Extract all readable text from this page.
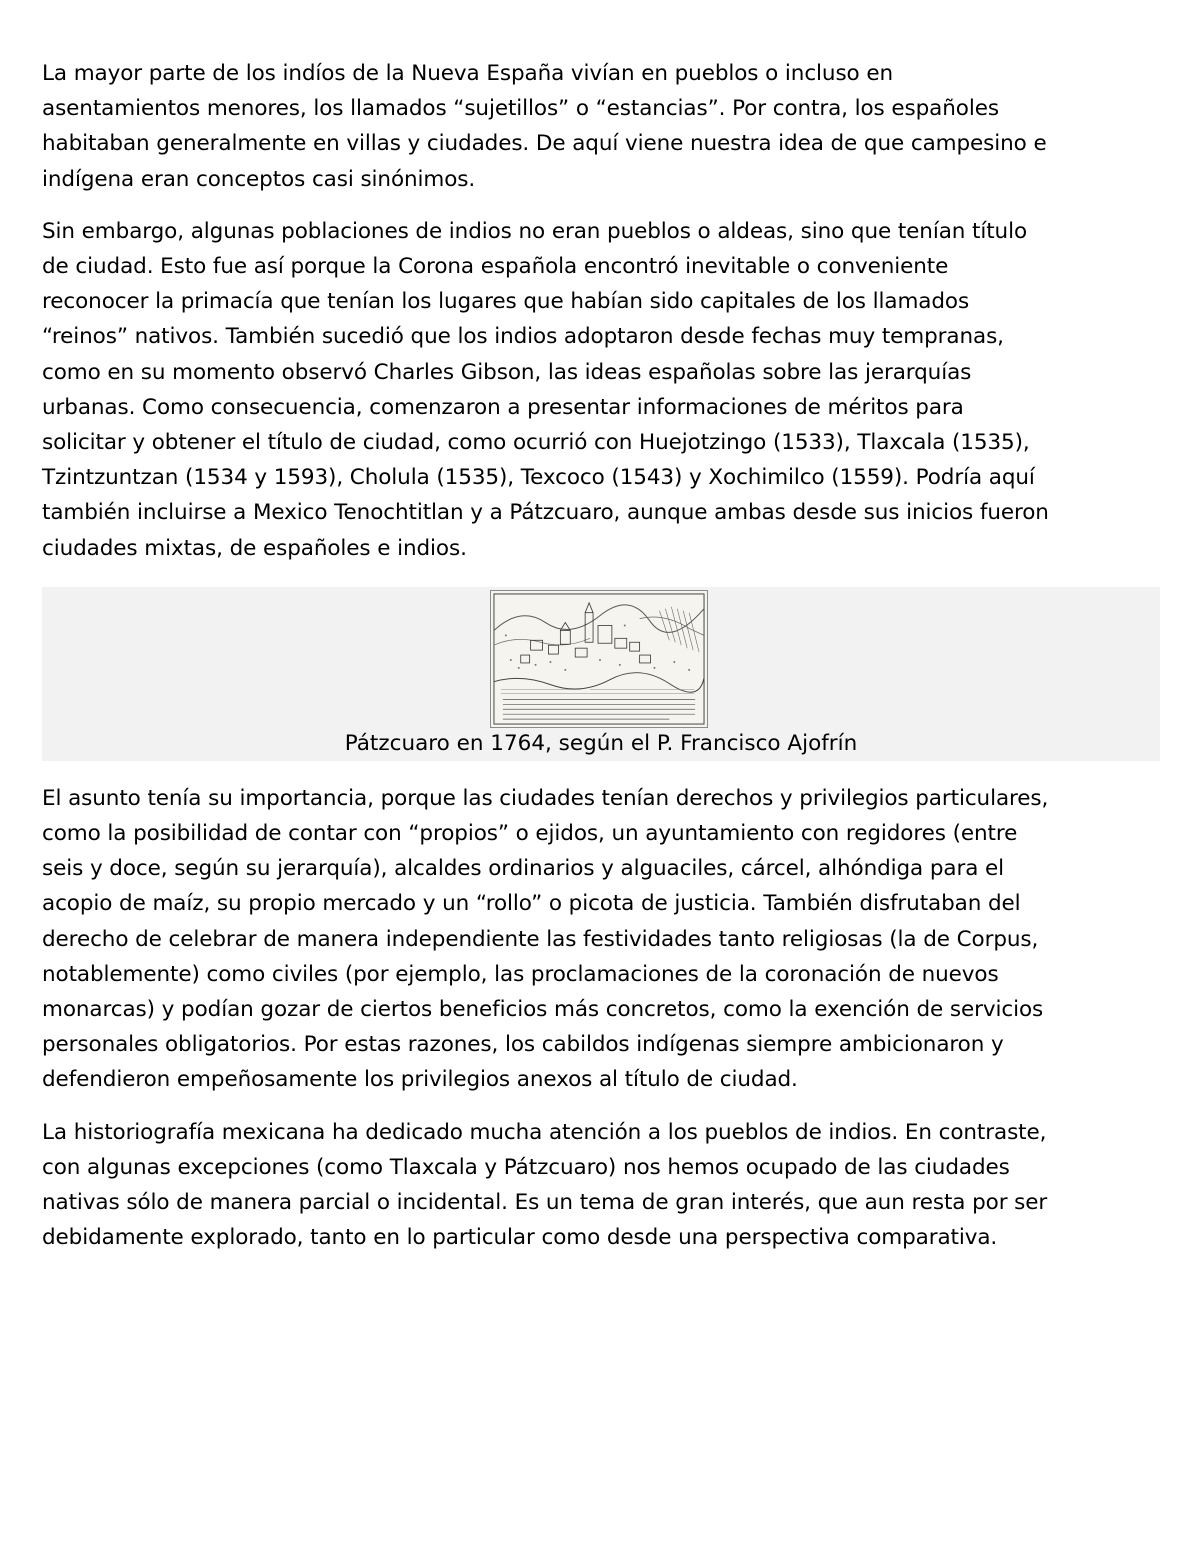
La mayor parte de los indíos de la Nueva España vivían en pueblos o incluso en
asentamientos menores, los llamados “sujetillos” o “estancias”. Por contra, los españoles
habitaban generalmente en villas y ciudades. De aquí viene nuestra idea de que campesino e
indígena eran conceptos casi sinónimos.

Sin embargo, algunas poblaciones de indios no eran pueblos o aldeas, sino que tenían título
de ciudad. Esto fue así porque la Corona española encontró inevitable o conveniente
reconocer la primacía que tenían los lugares que habían sido capitales de los llamados
“reinos” nativos. También sucedió que los indios adoptaron desde fechas muy tempranas,
como en su momento observó Charles Gibson, las ideas españolas sobre las jerarquías
urbanas. Como consecuencia, comenzaron a presentar informaciones de méritos para
solicitar y obtener el título de ciudad, como ocurrió con Huejotzingo (1533), Tlaxcala (1535),
Tzintzuntzan (1534 y 1593), Cholula (1535), Texcoco (1543) y Xochimilco (1559). Podría aquí
también incluirse a Mexico Tenochtitlan y a Pátzcuaro, aunque ambas desde sus inicios fueron
ciudades mixtas, de españoles e indios.

Pátzcuaro en 1764, según el P. Francisco Ajofrín

El asunto tenía su importancia, porque las ciudades tenían derechos y privilegios particulares,
como la posibilidad de contar con “propios” o ejidos, un ayuntamiento con regidores (entre
seis y doce, según su jerarquía), alcaldes ordinarios y alguaciles, cárcel, alhóndiga para el
acopio de maíz, su propio mercado y un “rollo” o picota de justicia. También disfrutaban del
derecho de celebrar de manera independiente las festividades tanto religiosas (la de Corpus,
notablemente) como civiles (por ejemplo, las proclamaciones de la coronación de nuevos
monarcas) y podían gozar de ciertos beneficios más concretos, como la exención de servicios
personales obligatorios. Por estas razones, los cabildos indígenas siempre ambicionaron y
defendieron empeñosamente los privilegios anexos al título de ciudad.

La historiografía mexicana ha dedicado mucha atención a los pueblos de indios. En contraste,
con algunas excepciones (como Tlaxcala y Pátzcuaro) nos hemos ocupado de las ciudades
nativas sólo de manera parcial o incidental. Es un tema de gran interés, que aun resta por ser
debidamente explorado, tanto en lo particular como desde una perspectiva comparativa.
